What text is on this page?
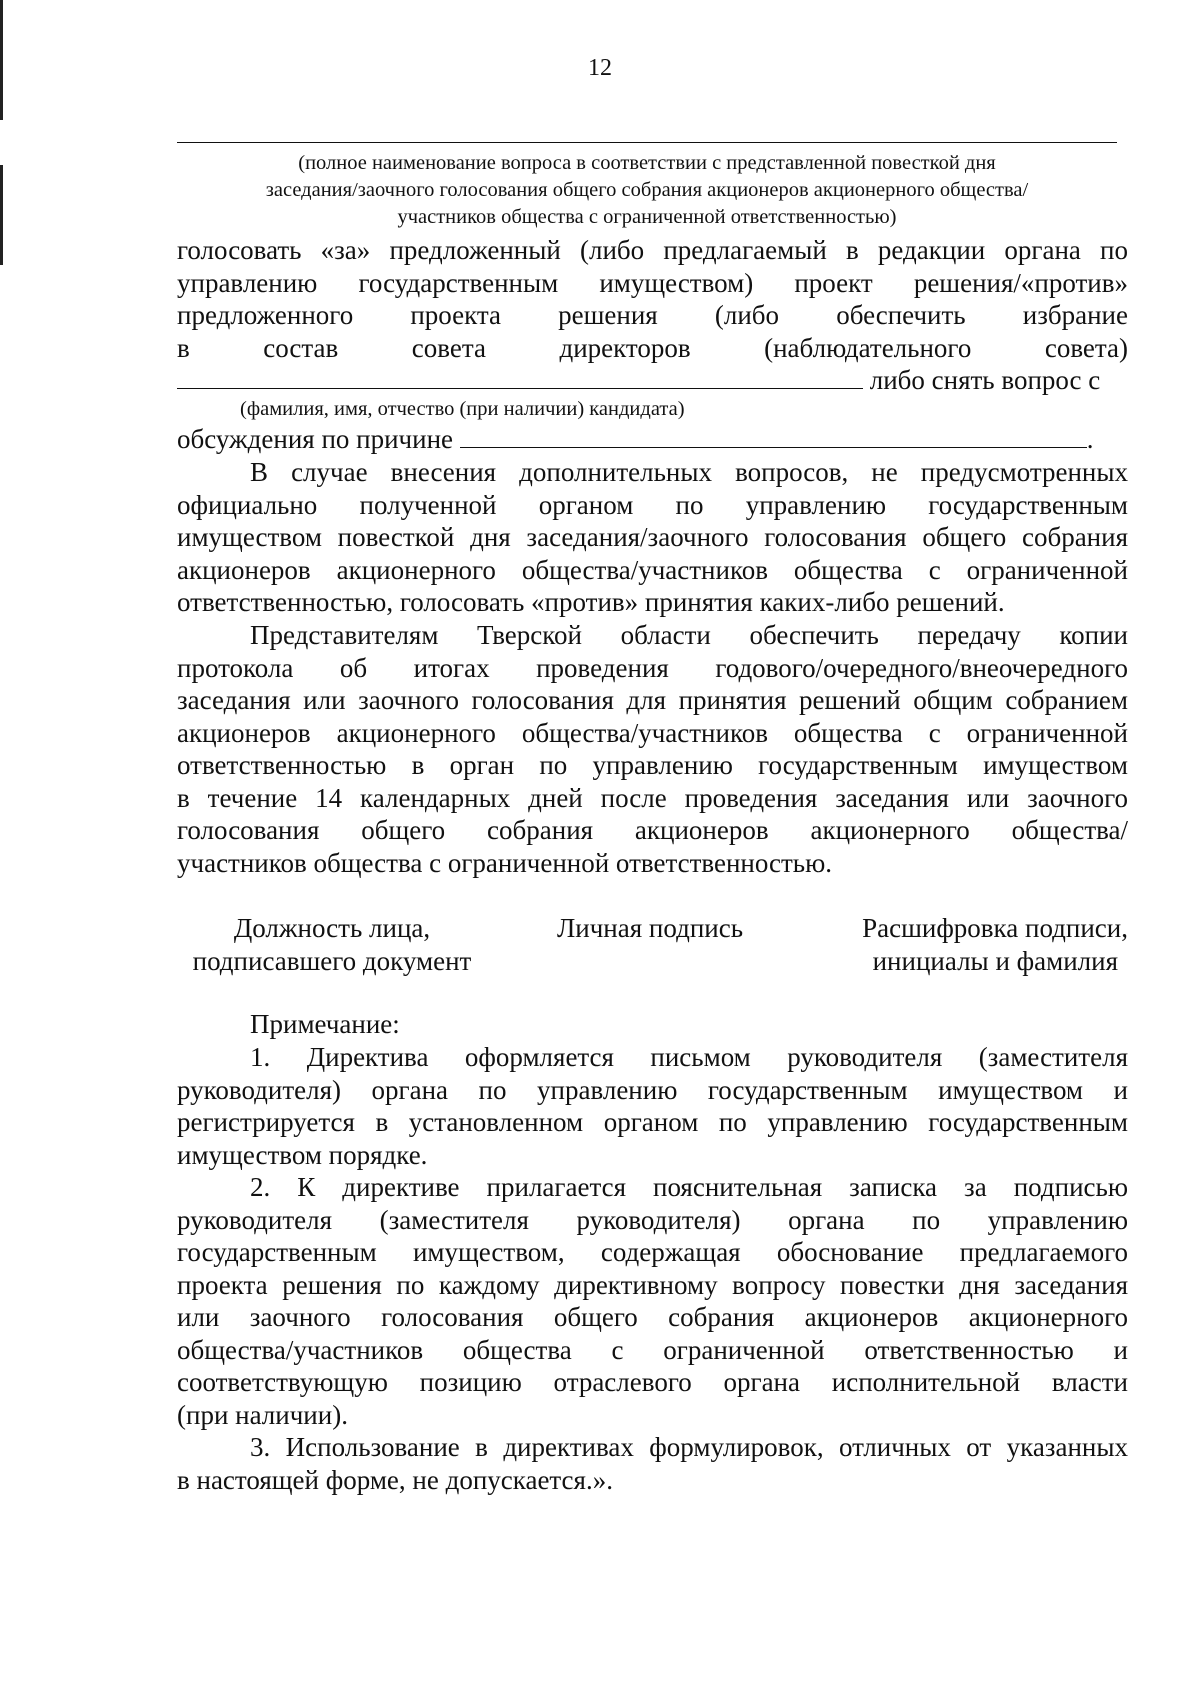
12
(полное наименование вопроса в соответствии с представленной повесткой дня
заседания/заочного голосования общего собрания акционеров акционерного общества/
участников общества с ограниченной ответственностью)
голосовать «за» предложенный (либо предлагаемый в редакции органа по
управлению государственным имуществом) проект решения/«против»
предложенного проекта решения (либо обеспечить избрание
в состав совета директоров (наблюдательного совета)
либо снять вопрос с
(фамилия, имя, отчество (при наличии) кандидата)
обсуждения по причине	.
В случае внесения дополнительных вопросов, не предусмотренных
официально полученной органом по управлению государственным
имуществом повесткой дня заседания/заочного голосования общего собрания
акционеров акционерного общества/участников общества с ограниченной
ответственностью, голосовать «против» принятия каких-либо решений.
Представителям Тверской области обеспечить передачу копии
протокола об итогах проведения годового/очередного/внеочередного
заседания или заочного голосования для принятия решений общим собранием
акционеров акционерного общества/участников общества с ограниченной
ответственностью в орган по управлению государственным имуществом
в течение 14 календарных дней после проведения заседания или заочного
голосования общего собрания акционеров акционерного общества/
участников общества с ограниченной ответственностью.
Должность лица,
подписавшего документ
Личная подпись	Расшифровка подписи,
инициалы и фамилия
Примечание:
1. Директива оформляется письмом руководителя (заместителя
руководителя) органа по управлению государственным имуществом и
регистрируется в установленном органом по управлению государственным
имуществом порядке.
2. К директиве прилагается пояснительная записка за подписью
руководителя (заместителя руководителя) органа по управлению
государственным имуществом, содержащая обоснование предлагаемого
проекта решения по каждому директивному вопросу повестки дня заседания
или заочного голосования общего собрания акционеров акционерного
общества/участников общества с ограниченной ответственностью и
соответствующую позицию отраслевого органа исполнительной власти
(при наличии).
3. Использование в директивах формулировок, отличных от указанных
в настоящей форме, не допускается.».
